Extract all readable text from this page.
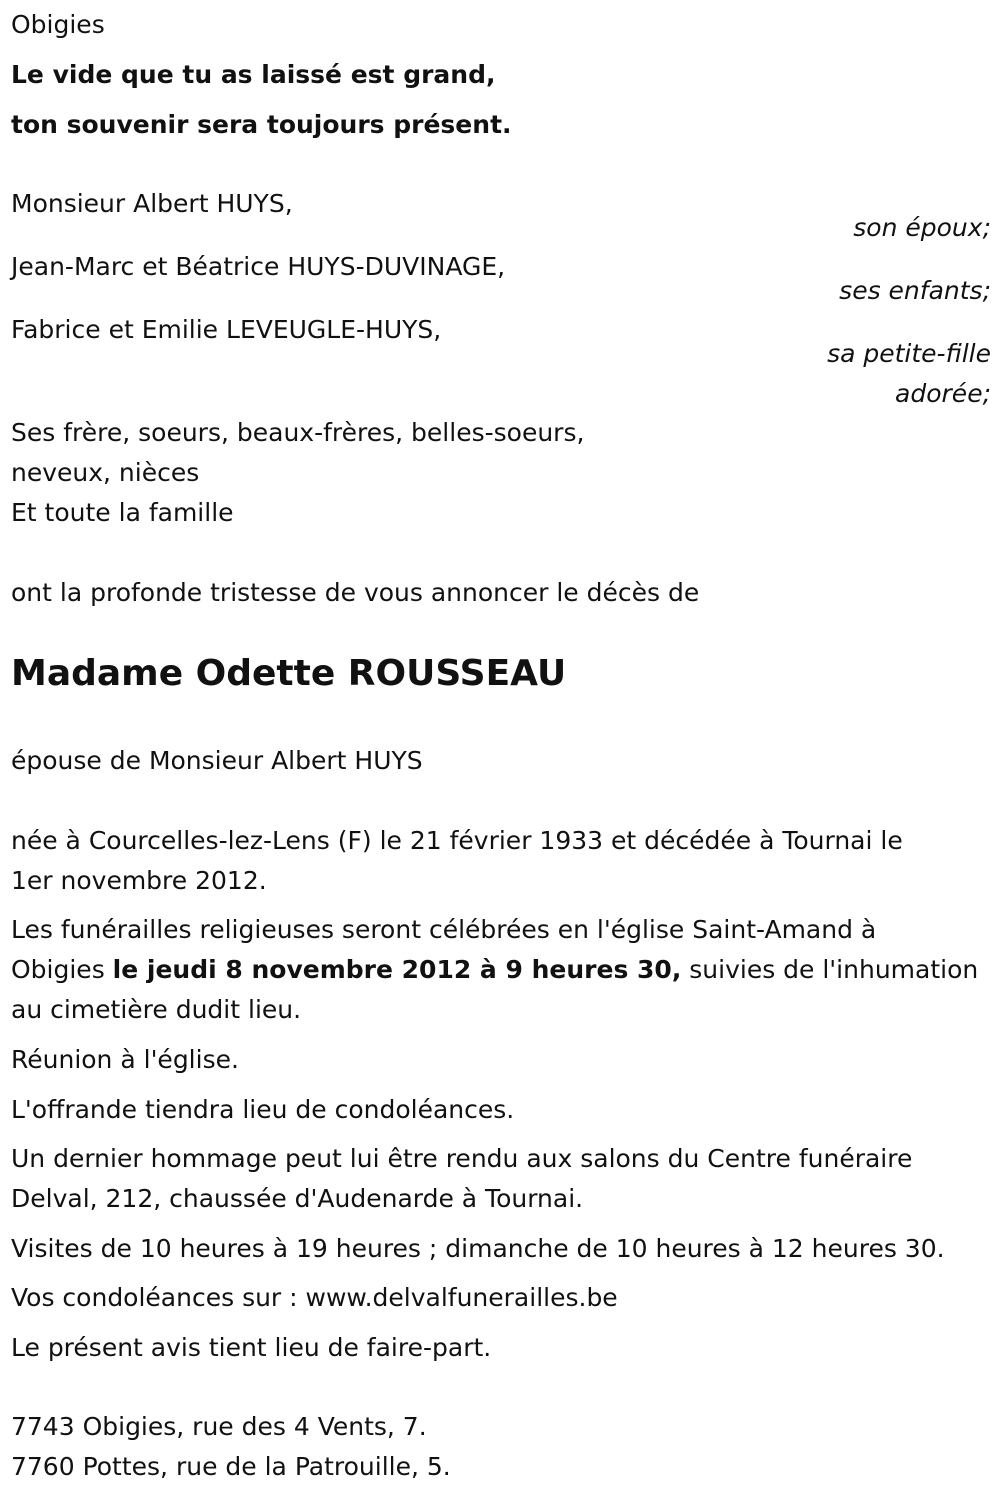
Obigies
Le vide que tu as laissé est grand,
ton souvenir sera toujours présent.
Monsieur Albert HUYS,
son époux;
Jean-Marc et Béatrice HUYS-DUVINAGE,
ses enfants;
Fabrice et Emilie LEVEUGLE-HUYS,
sa petite-fille
adorée;
Ses frère, soeurs, beaux-frères, belles-soeurs,
neveux, nièces
Et toute la famille
ont la profonde tristesse de vous annoncer le décès de
Madame Odette ROUSSEAU
épouse de Monsieur Albert HUYS
née à Courcelles-lez-Lens (F) le 21 février 1933 et décédée à Tournai le
1er novembre 2012.
Les funérailles religieuses seront célébrées en l'église Saint-Amand à
Obigies le jeudi 8 novembre 2012 à 9 heures 30, suivies de l'inhumation
au cimetière dudit lieu.
Réunion à l'église.
L'offrande tiendra lieu de condoléances.
Un dernier hommage peut lui être rendu aux salons du Centre funéraire
Delval, 212, chaussée d'Audenarde à Tournai.
Visites de 10 heures à 19 heures ; dimanche de 10 heures à 12 heures 30.
Vos condoléances sur : www.delvalfunerailles.be
Le présent avis tient lieu de faire-part.
7743 Obigies, rue des 4 Vents, 7.
7760 Pottes, rue de la Patrouille, 5.
